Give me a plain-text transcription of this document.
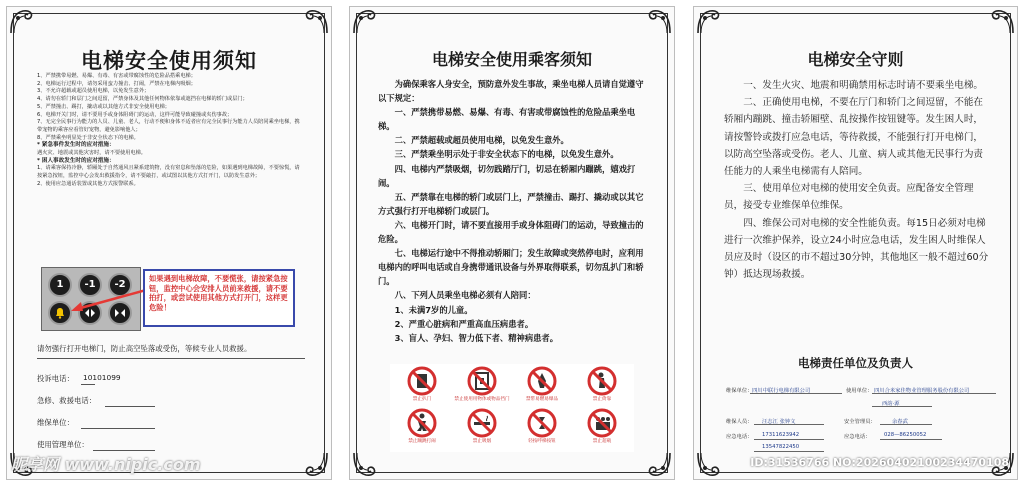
电梯安全使用须知
1、严禁携带易燃、易爆、有毒、有害或带腐蚀性的危险品搭乘电梯；
2、电梯运行过程中，请勿采用蛮力撞击、打闹，严禁在电梯内吸烟；
3、不允许超载或超员使用电梯，以免发生意外；
4、请勿在轿门和层门之间逗留，严禁身体及其他任何物体依靠或遮挡在电梯的轿门或层门；
5、严禁撞击、踢打，撬动或以其他方式非安全使用电梯；
6、电梯开关门时，请不要用手或身体阻碍门的运动，这样可能导致碰撞或夹伤事故；
7、无完全民事行为能力的人员、儿童、老人，行动不便和身体不适者应有完全民事行为能力人员陪同乘坐电梯，携带宠物的乘客应看管好宠物，避免影响他人；
8、严禁乘坐明显处于非安全状态下的电梯。
* 紧急事件发生时的应对措施：
遇火灾、地震或其他灾害时，请不要使用电梯。
* 困人事故发生时的应对措施：
1、请乘客保持冷静，轿厢处于自然通风且紧系建筑物，没有窒息和坠落的危险，如果遇到电梯故障，不要惊慌，请按紧急按钮，监控中心会发出救援指令，请不要敲打，或试图以其他方式打开门，以防发生意外；
2、使用应急通话装置或其他方式报警联系。
1	-1	-2
如果遇到电梯故障，不要慌张，请按紧急按钮，监控中心会安排人员前来救援，请不要拍打，或尝试使用其他方式打开门，这样更危险！
请勿强行打开电梯门，防止高空坠落或受伤，等候专业人员救援。
投诉电话： 10101099
急修、救援电话：
维保单位：
使用管理单位：
昵享网 www.nipic.com
电梯安全使用乘客须知
为确保乘客人身安全，预防意外发生事故，乘坐电梯人员请自觉遵守以下规定：
一、严禁携带易燃、易爆、有毒、有害或带腐蚀性的危险品乘坐电梯。
二、严禁超载或超员使用电梯，以免发生意外。
三、严禁乘坐明示处于非安全状态下的电梯，以免发生意外。
四、电梯内严禁吸烟，切勿践踏厅门，切忌在轿厢内蹦跳，嬉戏打闹。
五、严禁靠在电梯的轿门或层门上，严禁撞击、踢打、撬动或以其它方式强行打开电梯轿门或层门。
六、电梯开门时，请不要直接用手或身体阻碍门的运动，导致撞击的危险。
七、电梯运行途中不得推动轿厢门；发生故障或突然停电时，应利用电梯内的呼叫电话或自身携带通讯设备与外界取得联系，切勿乱扒门和轿门。
八、下列人员乘坐电梯必须有人陪同：
1、未满7岁的儿童。
2、严重心脏病和严重高血压病患者。
3、盲人、孕妇、智力低下者、精神病患者。
禁止扒门	禁止使用用物体或物品挡门	禁带易燃易爆品	禁止倚靠
禁止蹦跳打闹	禁止吸烟	轻按呼梯按钮	禁止超载
电梯安全守则
一、发生火灾、地震和明确禁用标志时请不要乘坐电梯。
二、正确使用电梯，不要在厅门和轿门之间逗留，不能在轿厢内蹦跳、撞击轿厢壁、乱按操作按钮键等。发生困人时，请按警铃或拨打应急电话，等待救援，不能强行打开电梯门，以防高空坠落或受伤。老人、儿童、病人或其他无民事行为责任能力的人乘坐电梯需有人陪同。
三、使用单位对电梯的使用安全负责。应配备安全管理员，接受专业维保单位维保。
四、维保公司对电梯的安全性能负责。每15日必须对电梯进行一次维护保养，设立24小时应急电话，发生困人时维保人员应及时（设区的市不超过30分钟，其他地区一般不超过60分钟）抵达现场救援。
电梯责任单位及负责人
维保单位： 四川中联行电梯有限公司	使用单位： 四川合米家佳物业管理服务股份有限公司
西韵·源
维保人员： 汪志江 张钟文	安全管理员：	余春武
应急电话： 17311623942
13547822450
应急电话：	028—86250052
ID:31536766 NO:20260402100234470108
